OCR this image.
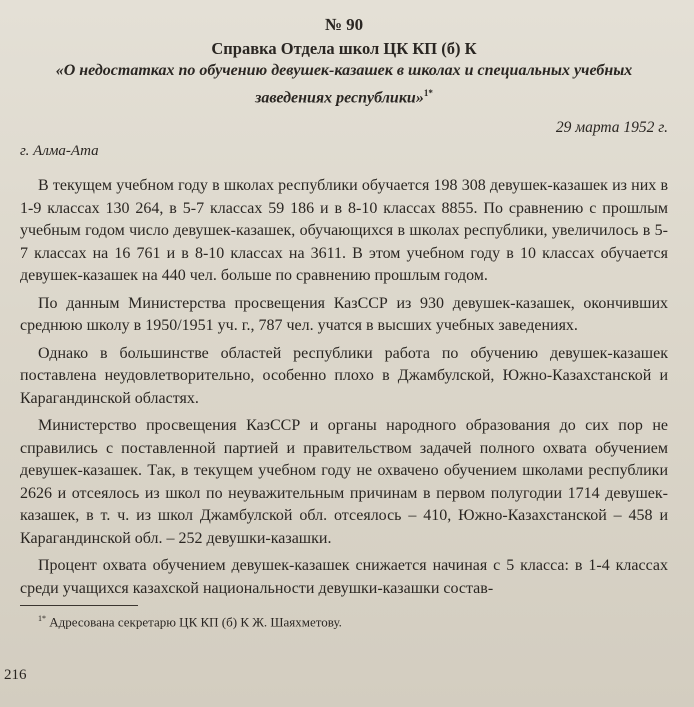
№ 90
Справка Отдела школ ЦК КП (б) К
«О недостатках по обучению девушек-казашек в школах и специальных учебных заведениях республики»$^{1*}$
29 марта 1952 г.
г. Алма-Ата

В текущем учебном году в школах республики обучается 198 308 девушек-казашек из них в 1-9 классах 130 264, в 5-7 классах 59 186 и в 8-10 классах 8855. По сравнению с прошлым учебным годом число девушек-казашек, обучающихся в школах республики, увеличилось в 5-7 классах на 16 761 и в 8-10 классах на 3611. В этом учебном году в 10 классах обучается девушек-казашек на 440 чел. больше по сравнению прошлым годом.

По данным Министерства просвещения КазССР из 930 девушек-казашек, окончивших среднюю школу в 1950/1951 уч. г., 787 чел. учатся в высших учебных заведениях.

Однако в большинстве областей республики работа по обучению девушек-казашек поставлена неудовлетворительно, особенно плохо в Джамбулской, Южно-Казахстанской и Карагандинской областях.

Министерство просвещения КазССР и органы народного образования до сих пор не справились с поставленной партией и правительством задачей полного охвата обучением девушек-казашек. Так, в текущем учебном году не охвачено обучением школами республики 2626 и отсеялось из школ по неуважительным причинам в первом полугодии 1714 девушек-казашек, в т. ч. из школ Джамбулской обл. отсеялось – 410, Южно-Казахстанской – 458 и Карагандинской обл. – 252 девушки-казашки.

Процент охвата обучением девушек-казашек снижается начиная с 5 класса: в 1-4 классах среди учащихся казахской национальности девушки-казашки состав-

$^{1*}$ Адресована секретарю ЦК КП (б) К Ж. Шаяхметову.

216
